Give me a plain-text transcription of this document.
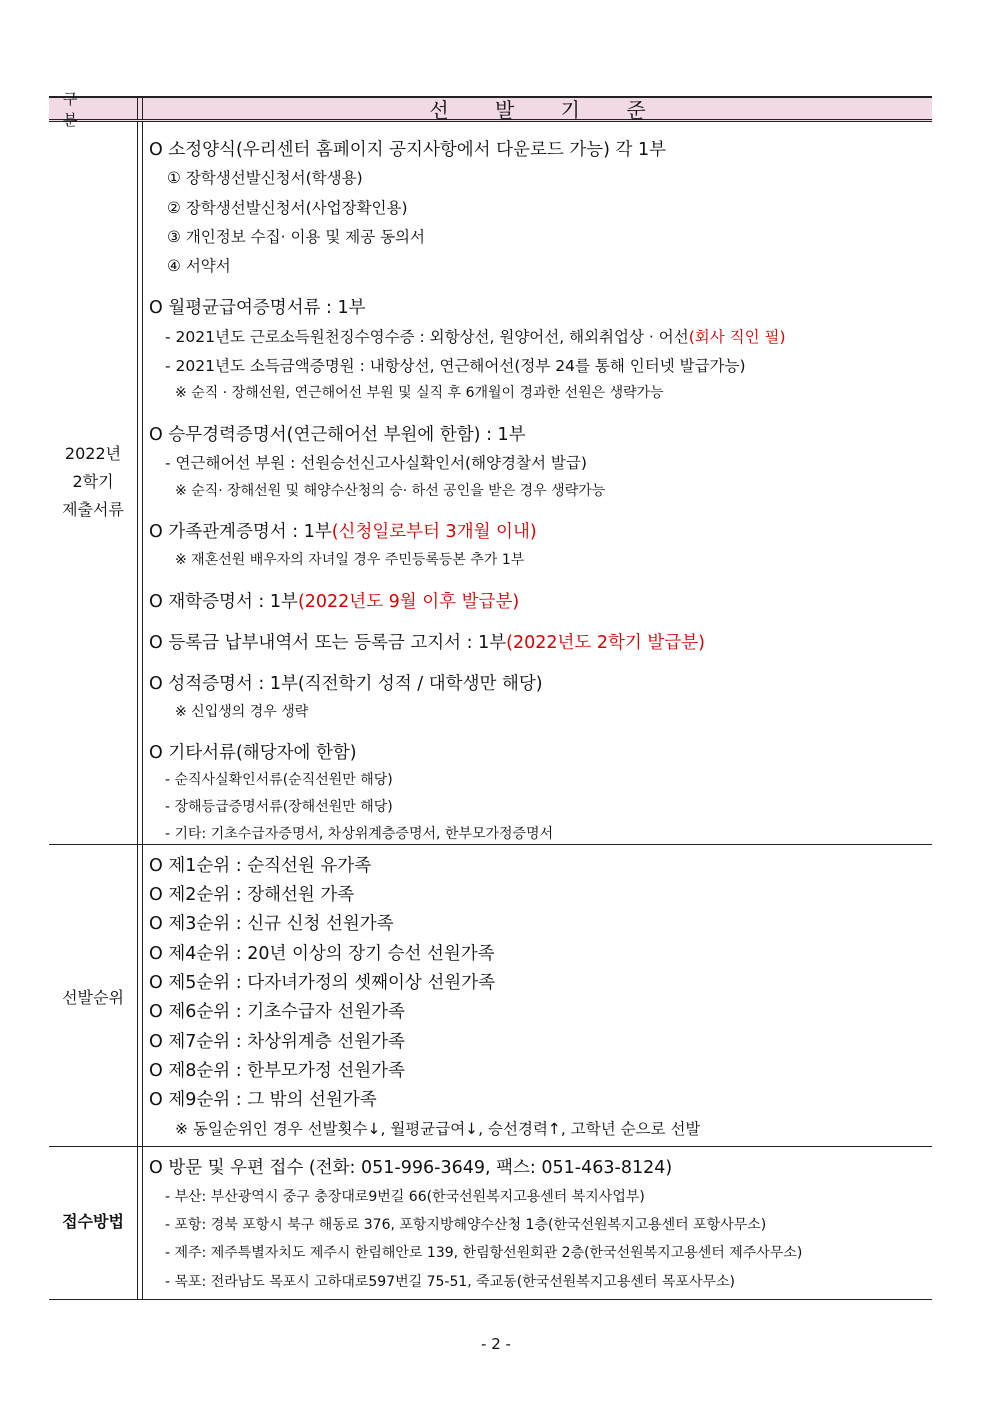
구 분	선 발 기 준
2022년
2학기
제출서류
O 소정양식(우리센터 홈페이지 공지사항에서 다운로드 가능) 각 1부
① 장학생선발신청서(학생용)
② 장학생선발신청서(사업장확인용)
③ 개인정보 수집· 이용 및 제공 동의서
④ 서약서
O 월평균급여증명서류 : 1부
- 2021년도 근로소득원천징수영수증 : 외항상선, 원양어선, 해외취업상 · 어선(회사 직인 필)
- 2021년도 소득금액증명원 : 내항상선, 연근해어선(정부 24를 통해 인터넷 발급가능)
※ 순직 · 장해선원, 연근해어선 부원 및 실직 후 6개월이 경과한 선원은 생략가능
O 승무경력증명서(연근해어선 부원에 한함) : 1부
- 연근해어선 부원 : 선원승선신고사실확인서(해양경찰서 발급)
※ 순직· 장해선원 및 해양수산청의 승· 하선 공인을 받은 경우 생략가능
O 가족관계증명서 : 1부(신청일로부터 3개월 이내)
※ 재혼선원 배우자의 자녀일 경우 주민등록등본 추가 1부
O 재학증명서 : 1부(2022년도 9월 이후 발급분)
O 등록금 납부내역서 또는 등록금 고지서 : 1부(2022년도 2학기 발급분)
O 성적증명서 : 1부(직전학기 성적 / 대학생만 해당)
※ 신입생의 경우 생략
O 기타서류(해당자에 한함)
- 순직사실확인서류(순직선원만 해당)
- 장해등급증명서류(장해선원만 해당)
- 기타: 기초수급자증명서, 차상위계층증명서, 한부모가정증명서
선발순위
O 제1순위 : 순직선원 유가족
O 제2순위 : 장해선원 가족
O 제3순위 : 신규 신청 선원가족
O 제4순위 : 20년 이상의 장기 승선 선원가족
O 제5순위 : 다자녀가정의 셋째이상 선원가족
O 제6순위 : 기초수급자 선원가족
O 제7순위 : 차상위계층 선원가족
O 제8순위 : 한부모가정 선원가족
O 제9순위 : 그 밖의 선원가족
※ 동일순위인 경우 선발횟수↓, 월평균급여↓, 승선경력↑, 고학년 순으로 선발
접수방법
O 방문 및 우편 접수 (전화: 051-996-3649, 팩스: 051-463-8124)
- 부산: 부산광역시 중구 충장대로9번길 66(한국선원복지고용센터 복지사업부)
- 포항: 경북 포항시 북구 해동로 376, 포항지방해양수산청 1층(한국선원복지고용센터 포항사무소)
- 제주: 제주특별자치도 제주시 한림해안로 139, 한림항선원회관 2층(한국선원복지고용센터 제주사무소)
- 목포: 전라남도 목포시 고하대로597번길 75-51, 죽교동(한국선원복지고용센터 목포사무소)
- 2 -
